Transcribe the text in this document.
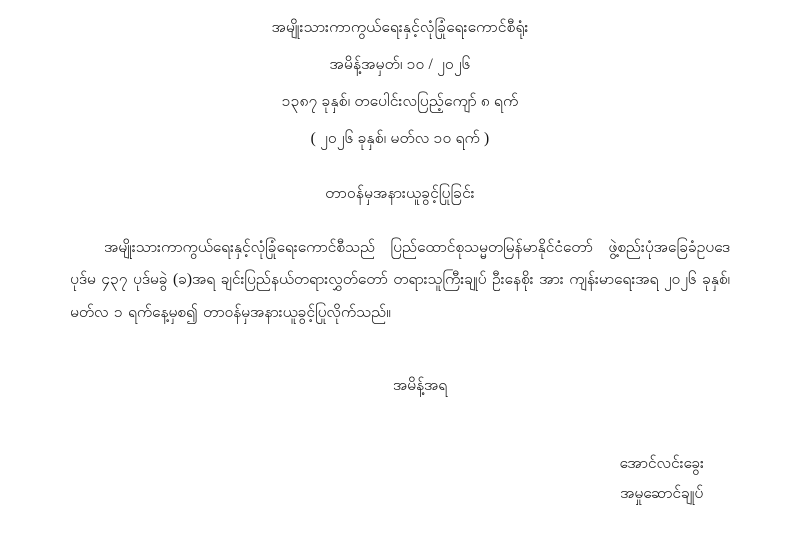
အမျိုးသားကာကွယ်ရေးနှင့်လုံခြုံရေးကောင်စီရုံး
အမိန့်အမှတ်၊ ၁၀ / ၂၀၂၆
၁၃၈၇ ခုနှစ်၊ တပေါင်းလပြည့်ကျော် ၈ ရက်
( ၂၀၂၆ ခုနှစ်၊ မတ်လ ၁၀ ရက် )
တာဝန်မှအနားယူခွင့်ပြုခြင်း
အမျိုးသားကာကွယ်ရေးနှင့်လုံခြုံရေးကောင်စီသည် ပြည်ထောင်စုသမ္မတမြန်မာနိုင်ငံတော် ဖွဲ့စည်းပုံအခြေခံဥပဒေ ပုဒ်မ ၄၃၇ ပုဒ်မခွဲ (ခ)အရ ချင်းပြည်နယ်တရားလွှတ်တော် တရားသူကြီးချုပ် ဦးနေစိုး အား ကျန်းမာရေးအရ ၂၀၂၆ ခုနှစ်၊ မတ်လ ၁ ရက်နေ့မှစ၍ တာဝန်မှအနားယူခွင့်ပြုလိုက်သည်။
အမိန့်အရ
အောင်လင်းခွေး
အမှုဆောင်ချုပ်
